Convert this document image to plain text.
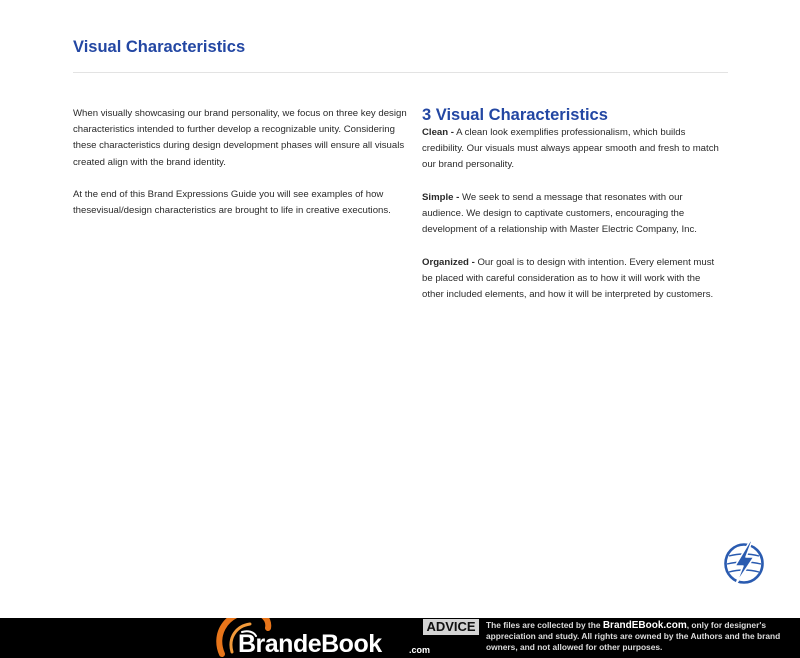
Visual Characteristics

When visually showcasing our brand personality, we focus on three key design characteristics intended to further develop a recognizable unity. Considering these characteristics during design development phases will ensure all visuals created align with the brand identity.

At the end of this Brand Expressions Guide you will see examples of how thesevisual/design characteristics are brought to life in creative executions.

3 Visual Characteristics

Clean - A clean look exemplifies professionalism, which builds credibility. Our visuals must always appear smooth and fresh to match our brand personality.

Simple - We seek to send a message that resonates with our audience. We design to captivate customers, encouraging the development of a relationship with Master Electric Company, Inc.

Organized - Our goal is to design with intention. Every element must be placed with careful consideration as to how it will work with the other included elements, and how it will be interpreted by customers.

BrandeBook	.com
ADVICE	The files are collected by the BrandEBook.com, only for designer's appreciation and study. All rights are owned by the Authors and the brand owners, and not allowed for other purposes.
